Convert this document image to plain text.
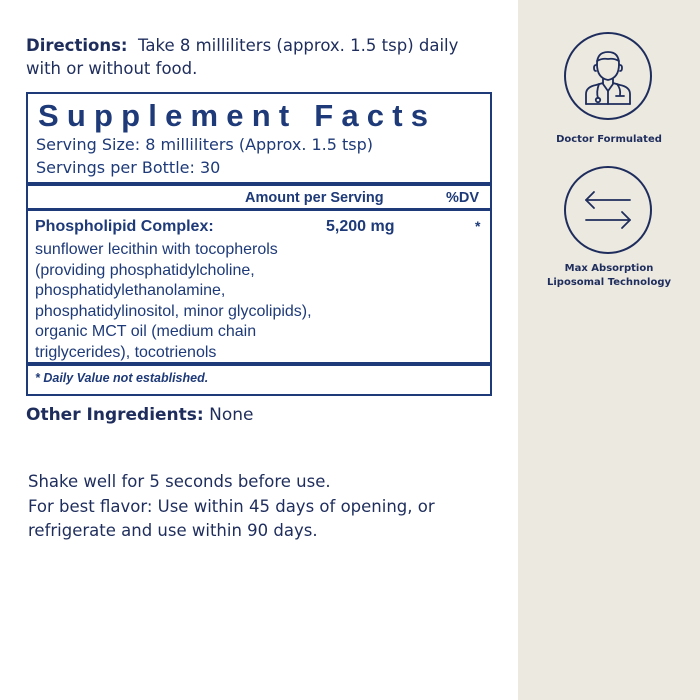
Directions: Take 8 milliliters (approx. 1.5 tsp) daily
with or without food.
Supplement Facts
Serving Size: 8 milliliters (Approx. 1.5 tsp)
Servings per Bottle: 30
Amount per Serving	%DV
Phospholipid Complex:	5,200 mg	*
sunflower lecithin with tocopherols
(providing phosphatidylcholine,
phosphatidylethanolamine,
phosphatidylinositol, minor glycolipids),
organic MCT oil (medium chain
triglycerides), tocotrienols
* Daily Value not established.
Other Ingredients: None
Shake well for 5 seconds before use.
For best flavor: Use within 45 days of opening, or
refrigerate and use within 90 days.
Doctor Formulated
Max Absorption
Liposomal Technology
